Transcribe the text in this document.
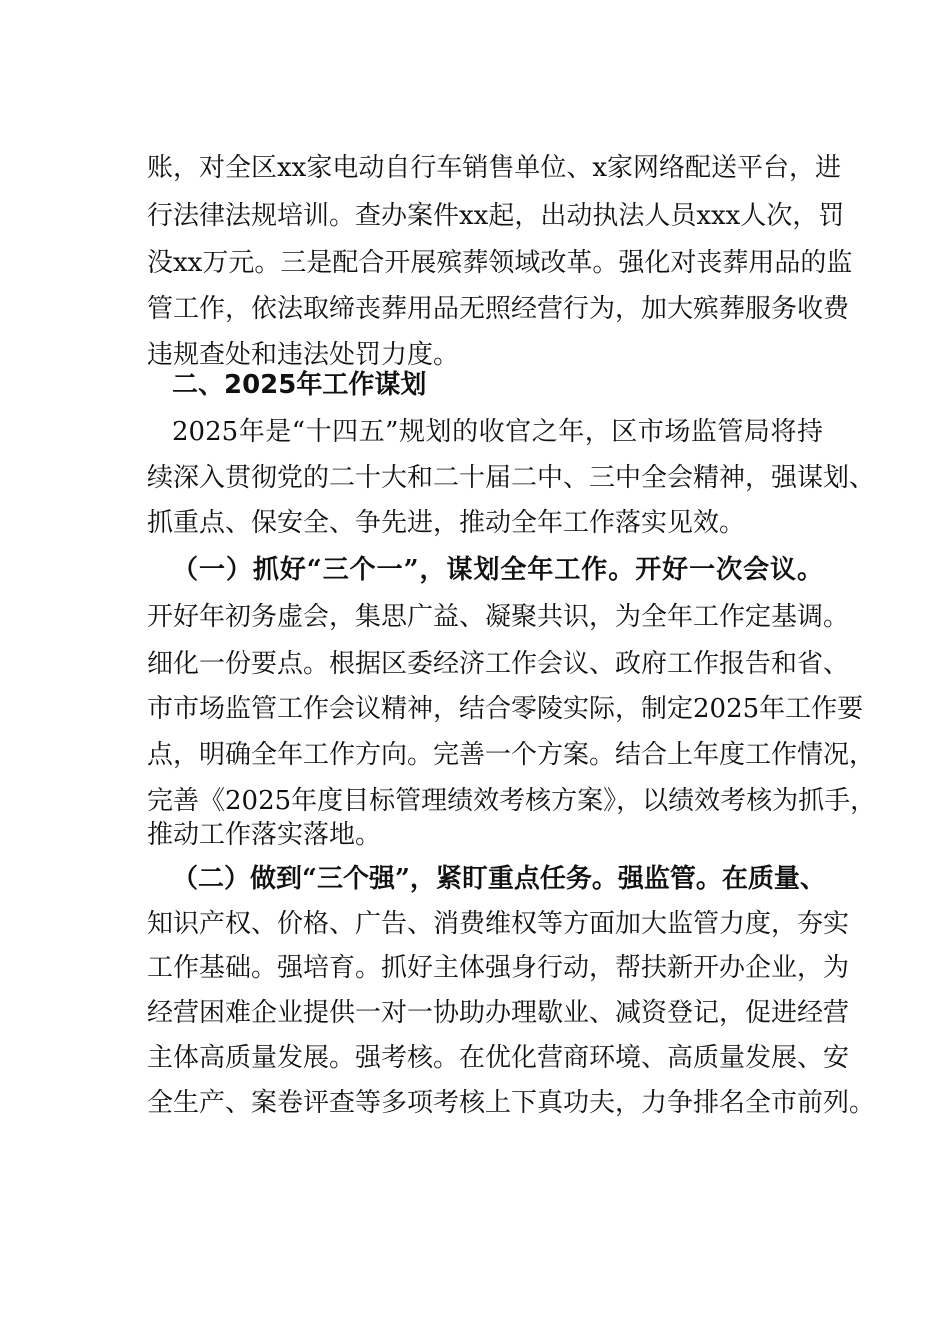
账，对全区xx家电动自行车销售单位、x家网络配送平台，进
行法律法规培训。查办案件xx起，出动执法人员xxx人次，罚
没xx万元。三是配合开展殡葬领域改革。强化对丧葬用品的监
管工作，依法取缔丧葬用品无照经营行为，加大殡葬服务收费
违规查处和违法处罚力度。
二、2025年工作谋划
2025年是“十四五”规划的收官之年，区市场监管局将持
续深入贯彻党的二十大和二十届二中、三中全会精神，强谋划、
抓重点、保安全、争先进，推动全年工作落实见效。
（一）抓好“三个一”，谋划全年工作。开好一次会议。
开好年初务虚会，集思广益、凝聚共识，为全年工作定基调。
细化一份要点。根据区委经济工作会议、政府工作报告和省、
市市场监管工作会议精神，结合零陵实际，制定2025年工作要
点，明确全年工作方向。完善一个方案。结合上年度工作情况，
完善《2025年度目标管理绩效考核方案》，以绩效考核为抓手，
推动工作落实落地。
（二）做到“三个强”，紧盯重点任务。强监管。在质量、
知识产权、价格、广告、消费维权等方面加大监管力度，夯实
工作基础。强培育。抓好主体强身行动，帮扶新开办企业，为
经营困难企业提供一对一协助办理歇业、减资登记，促进经营
主体高质量发展。强考核。在优化营商环境、高质量发展、安
全生产、案卷评查等多项考核上下真功夫，力争排名全市前列。
